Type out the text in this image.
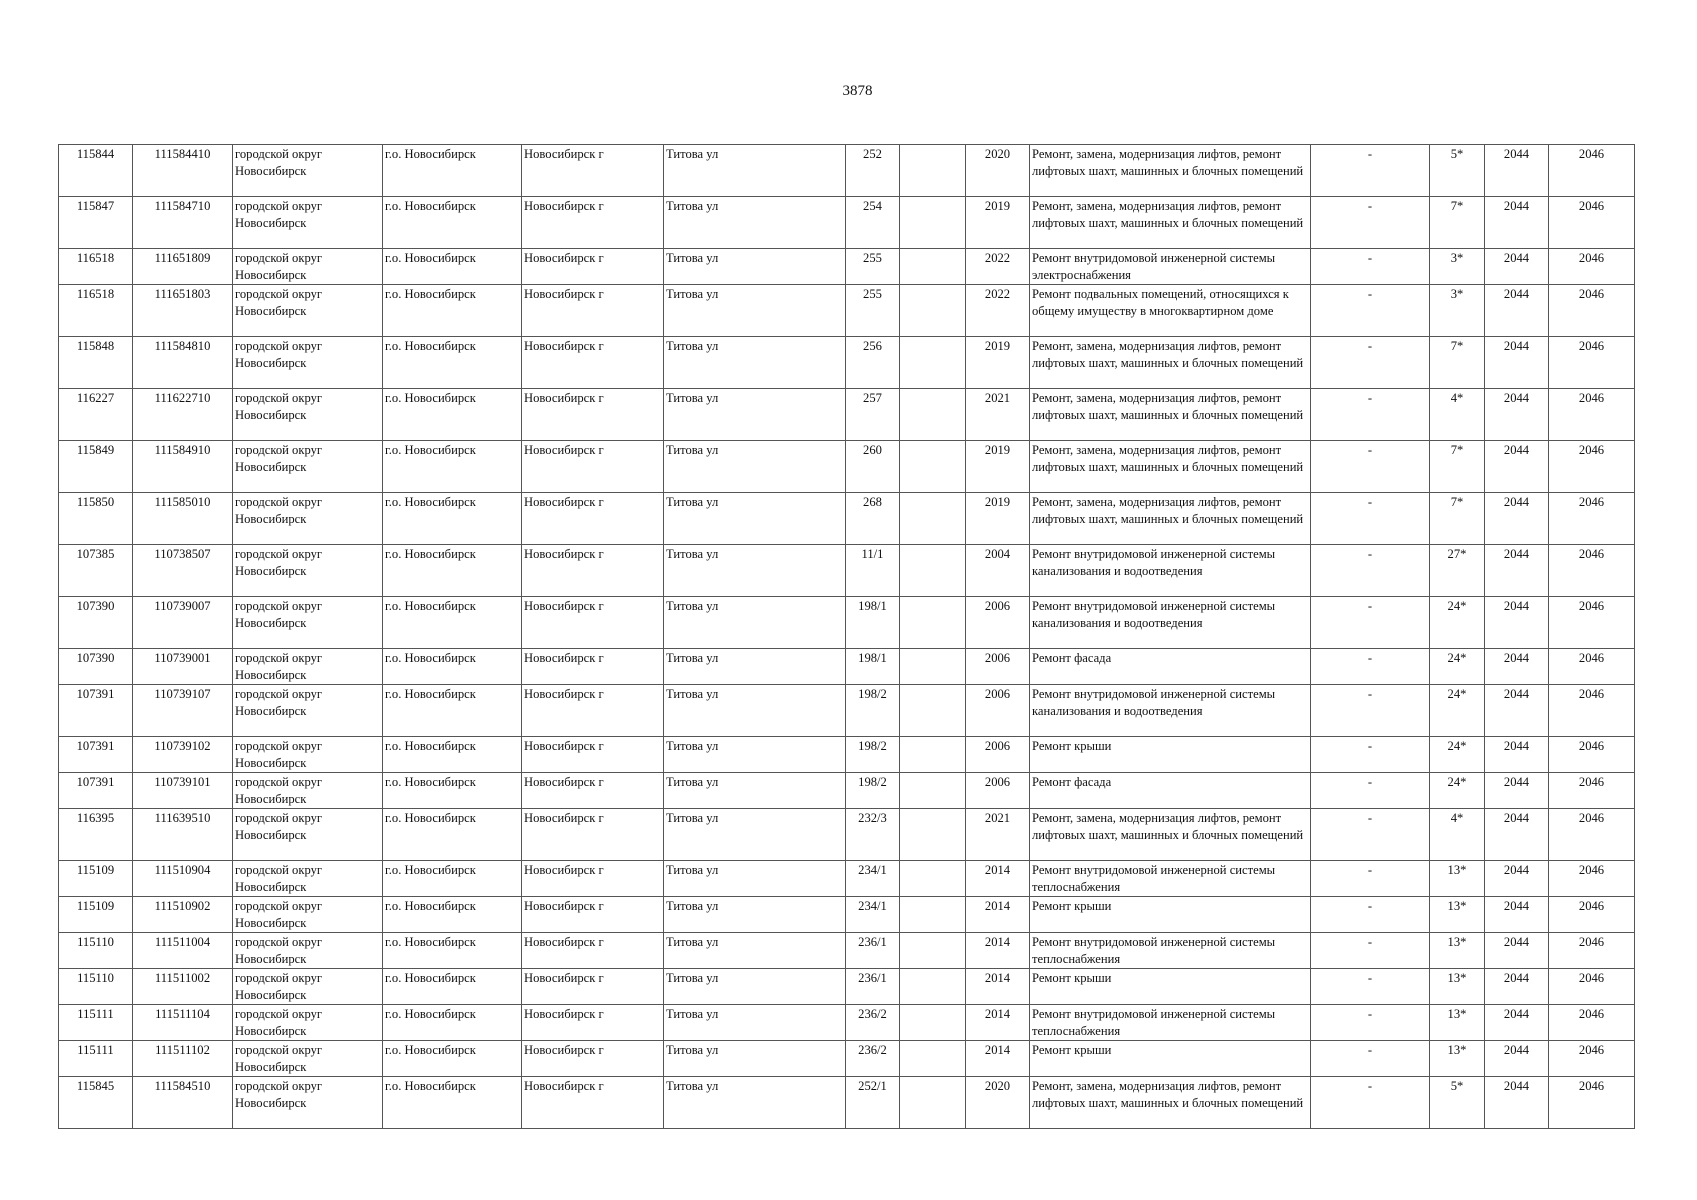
3878
115844	111584410	городской округ Новосибирск	г.о. Новосибирск	Новосибирск г	Титова ул	252		2020	Ремонт, замена, модернизация лифтов, ремонт лифтовых шахт, машинных и блочных помещений	-	5*	2044	2046
115847	111584710	городской округ Новосибирск	г.о. Новосибирск	Новосибирск г	Титова ул	254		2019	Ремонт, замена, модернизация лифтов, ремонт лифтовых шахт, машинных и блочных помещений	-	7*	2044	2046
116518	111651809	городской округ Новосибирск	г.о. Новосибирск	Новосибирск г	Титова ул	255		2022	Ремонт внутридомовой инженерной системы электроснабжения	-	3*	2044	2046
116518	111651803	городской округ Новосибирск	г.о. Новосибирск	Новосибирск г	Титова ул	255		2022	Ремонт подвальных помещений, относящихся к общему имуществу в многоквартирном доме	-	3*	2044	2046
115848	111584810	городской округ Новосибирск	г.о. Новосибирск	Новосибирск г	Титова ул	256		2019	Ремонт, замена, модернизация лифтов, ремонт лифтовых шахт, машинных и блочных помещений	-	7*	2044	2046
116227	111622710	городской округ Новосибирск	г.о. Новосибирск	Новосибирск г	Титова ул	257		2021	Ремонт, замена, модернизация лифтов, ремонт лифтовых шахт, машинных и блочных помещений	-	4*	2044	2046
115849	111584910	городской округ Новосибирск	г.о. Новосибирск	Новосибирск г	Титова ул	260		2019	Ремонт, замена, модернизация лифтов, ремонт лифтовых шахт, машинных и блочных помещений	-	7*	2044	2046
115850	111585010	городской округ Новосибирск	г.о. Новосибирск	Новосибирск г	Титова ул	268		2019	Ремонт, замена, модернизация лифтов, ремонт лифтовых шахт, машинных и блочных помещений	-	7*	2044	2046
107385	110738507	городской округ Новосибирск	г.о. Новосибирск	Новосибирск г	Титова ул	11/1		2004	Ремонт внутридомовой инженерной системы канализования и водоотведения	-	27*	2044	2046
107390	110739007	городской округ Новосибирск	г.о. Новосибирск	Новосибирск г	Титова ул	198/1		2006	Ремонт внутридомовой инженерной системы канализования и водоотведения	-	24*	2044	2046
107390	110739001	городской округ Новосибирск	г.о. Новосибирск	Новосибирск г	Титова ул	198/1		2006	Ремонт фасада	-	24*	2044	2046
107391	110739107	городской округ Новосибирск	г.о. Новосибирск	Новосибирск г	Титова ул	198/2		2006	Ремонт внутридомовой инженерной системы канализования и водоотведения	-	24*	2044	2046
107391	110739102	городской округ Новосибирск	г.о. Новосибирск	Новосибирск г	Титова ул	198/2		2006	Ремонт крыши	-	24*	2044	2046
107391	110739101	городской округ Новосибирск	г.о. Новосибирск	Новосибирск г	Титова ул	198/2		2006	Ремонт фасада	-	24*	2044	2046
116395	111639510	городской округ Новосибирск	г.о. Новосибирск	Новосибирск г	Титова ул	232/3		2021	Ремонт, замена, модернизация лифтов, ремонт лифтовых шахт, машинных и блочных помещений	-	4*	2044	2046
115109	111510904	городской округ Новосибирск	г.о. Новосибирск	Новосибирск г	Титова ул	234/1		2014	Ремонт внутридомовой инженерной системы теплоснабжения	-	13*	2044	2046
115109	111510902	городской округ Новосибирск	г.о. Новосибирск	Новосибирск г	Титова ул	234/1		2014	Ремонт крыши	-	13*	2044	2046
115110	111511004	городской округ Новосибирск	г.о. Новосибирск	Новосибирск г	Титова ул	236/1		2014	Ремонт внутридомовой инженерной системы теплоснабжения	-	13*	2044	2046
115110	111511002	городской округ Новосибирск	г.о. Новосибирск	Новосибирск г	Титова ул	236/1		2014	Ремонт крыши	-	13*	2044	2046
115111	111511104	городской округ Новосибирск	г.о. Новосибирск	Новосибирск г	Титова ул	236/2		2014	Ремонт внутридомовой инженерной системы теплоснабжения	-	13*	2044	2046
115111	111511102	городской округ Новосибирск	г.о. Новосибирск	Новосибирск г	Титова ул	236/2		2014	Ремонт крыши	-	13*	2044	2046
115845	111584510	городской округ Новосибирск	г.о. Новосибирск	Новосибирск г	Титова ул	252/1		2020	Ремонт, замена, модернизация лифтов, ремонт лифтовых шахт, машинных и блочных помещений	-	5*	2044	2046
